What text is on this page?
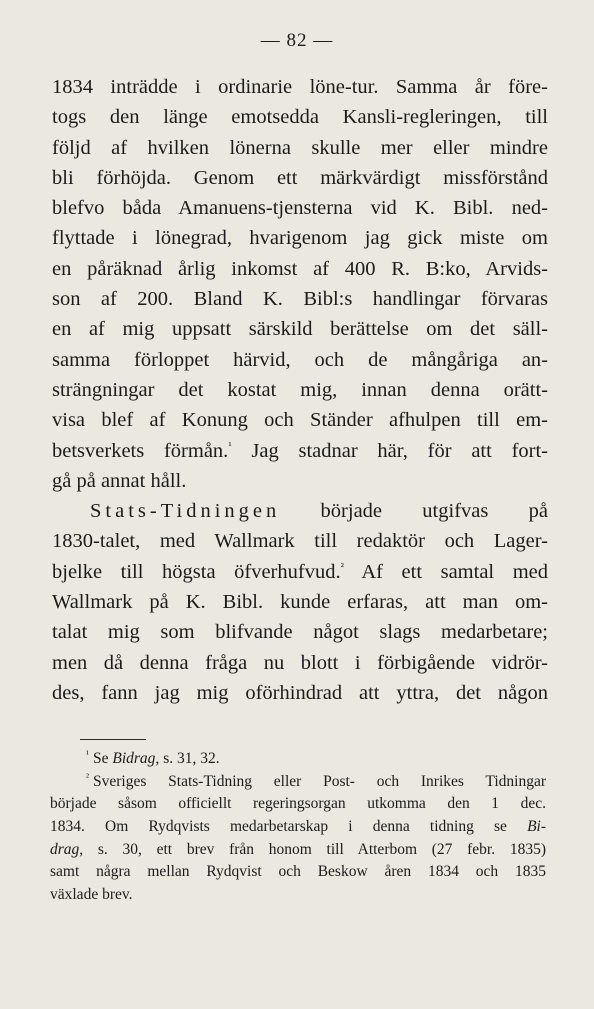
— 82 —
1834 inträdde i ordinarie löne-tur. Samma år före-
togs den länge emotsedda Kansli-regleringen, till
följd af hvilken lönerna skulle mer eller mindre
bli förhöjda. Genom ett märkvärdigt missförstånd
blefvo båda Amanuens-tjensterna vid K. Bibl. ned-
flyttade i lönegrad, hvarigenom jag gick miste om
en påräknad årlig inkomst af 400 R. B:ko, Arvids-
son af 200. Bland K. Bibl:s handlingar förvaras
en af mig uppsatt särskild berättelse om det säll-
samma förloppet härvid, och de mångåriga an-
strängningar det kostat mig, innan denna orätt-
visa blef af Konung och Ständer afhulpen till em-
betsverkets förmån.$^{^1}$ Jag stadnar här, för att fort-
gå på annat håll.
Stats-Tidningen började utgifvas på
1830-talet, med Wallmark till redaktör och Lager-
bjelke till högsta öfverhufvud.$^{^2}$ Af ett samtal med
Wallmark på K. Bibl. kunde erfaras, att man om-
talat mig som blifvande något slags medarbetare;
men då denna fråga nu blott i förbigående vidrör-
des, fann jag mig oförhindrad att yttra, det någon
$^{^1}$ Se Bidrag, s. 31, 32.
$^{^2}$ Sveriges Stats-Tidning eller Post- och Inrikes Tidningar
började såsom officiellt regeringsorgan utkomma den 1 dec.
1834. Om Rydqvists medarbetarskap i denna tidning se Bi-
drag, s. 30, ett brev från honom till Atterbom (27 febr. 1835)
samt några mellan Rydqvist och Beskow åren 1834 och 1835
växlade brev.
